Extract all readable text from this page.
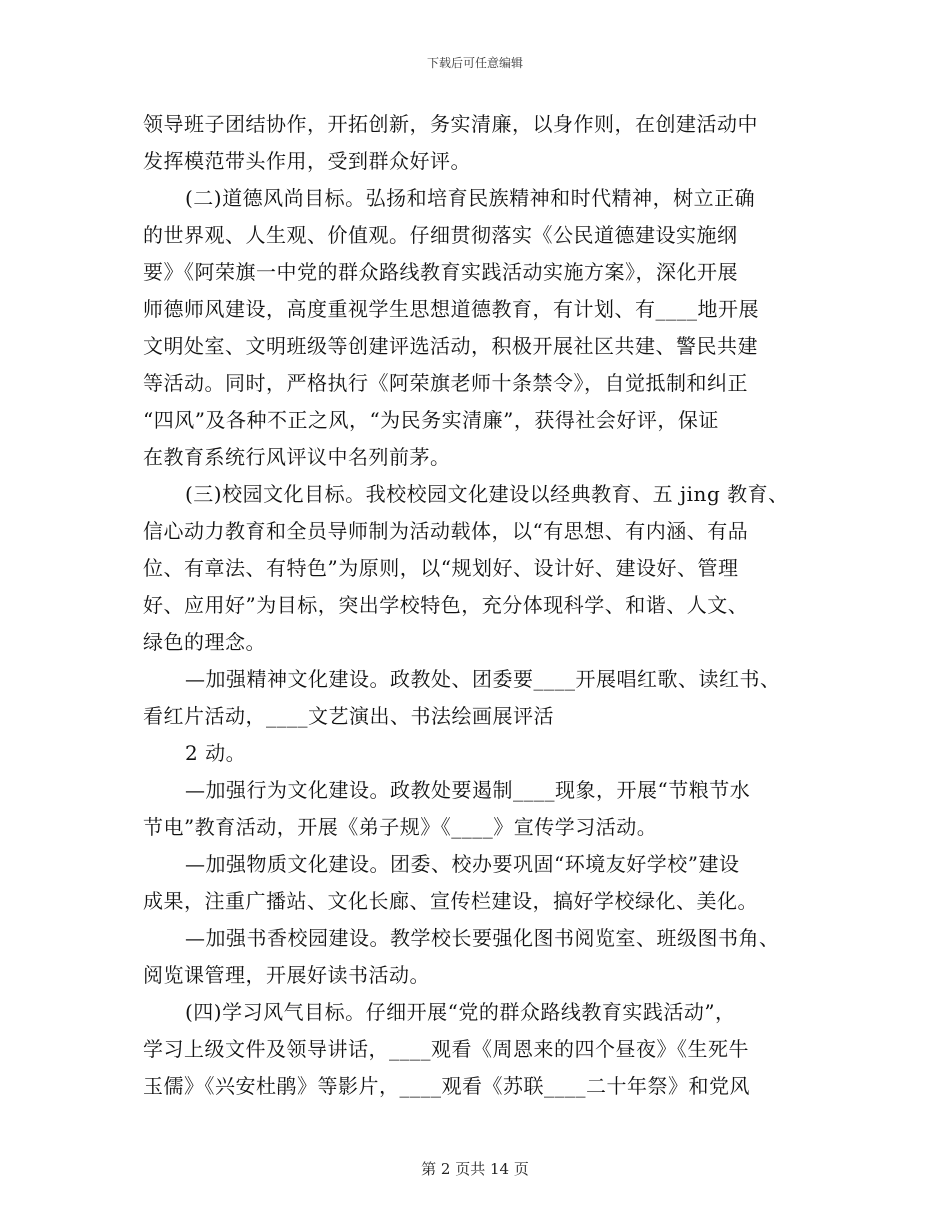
下载后可任意编辑
领导班子团结协作，开拓创新，务实清廉，以身作则，在创建活动中
发挥模范带头作用，受到群众好评。
(二)道德风尚目标。弘扬和培育民族精神和时代精神，树立正确
的世界观、人生观、价值观。仔细贯彻落实《公民道德建设实施纲
要》《阿荣旗一中党的群众路线教育实践活动实施方案》，深化开展
师德师风建设，高度重视学生思想道德教育，有计划、有____地开展
文明处室、文明班级等创建评选活动，积极开展社区共建、警民共建
等活动。同时，严格执行《阿荣旗老师十条禁令》，自觉抵制和纠正
“四风”及各种不正之风，“为民务实清廉”，获得社会好评，保证
在教育系统行风评议中名列前茅。
(三)校园文化目标。我校校园文化建设以经典教育、五 jing 教育、
信心动力教育和全员导师制为活动载体，以“有思想、有内涵、有品
位、有章法、有特色”为原则，以“规划好、设计好、建设好、管理
好、应用好”为目标，突出学校特色，充分体现科学、和谐、人文、
绿色的理念。
—加强精神文化建设。政教处、团委要____开展唱红歌、读红书、
看红片活动，____文艺演出、书法绘画展评活
2 动。
—加强行为文化建设。政教处要遏制____现象，开展“节粮节水
节电”教育活动，开展《弟子规》《____》宣传学习活动。
—加强物质文化建设。团委、校办要巩固“环境友好学校”建设
成果，注重广播站、文化长廊、宣传栏建设，搞好学校绿化、美化。
—加强书香校园建设。教学校长要强化图书阅览室、班级图书角、
阅览课管理，开展好读书活动。
(四)学习风气目标。仔细开展“党的群众路线教育实践活动”，
学习上级文件及领导讲话，____观看《周恩来的四个昼夜》《生死牛
玉儒》《兴安杜鹃》等影片，____观看《苏联____二十年祭》和党风
第 2 页共 14 页
